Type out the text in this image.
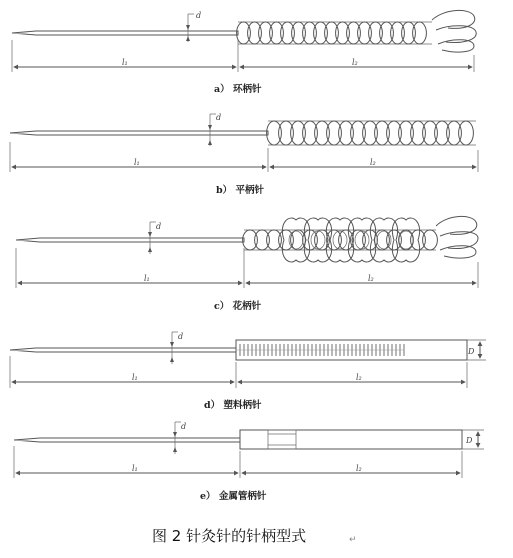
d
l₁	l₂
a） 环柄针
d
l₁	l₂
b） 平柄针
d
l₁	l₂
c） 花柄针
d
D
l₁	l₂
d） 塑料柄针
d
D
l₁	l₂
e） 金属管柄针
图 2 针灸针的针柄型式	↵
